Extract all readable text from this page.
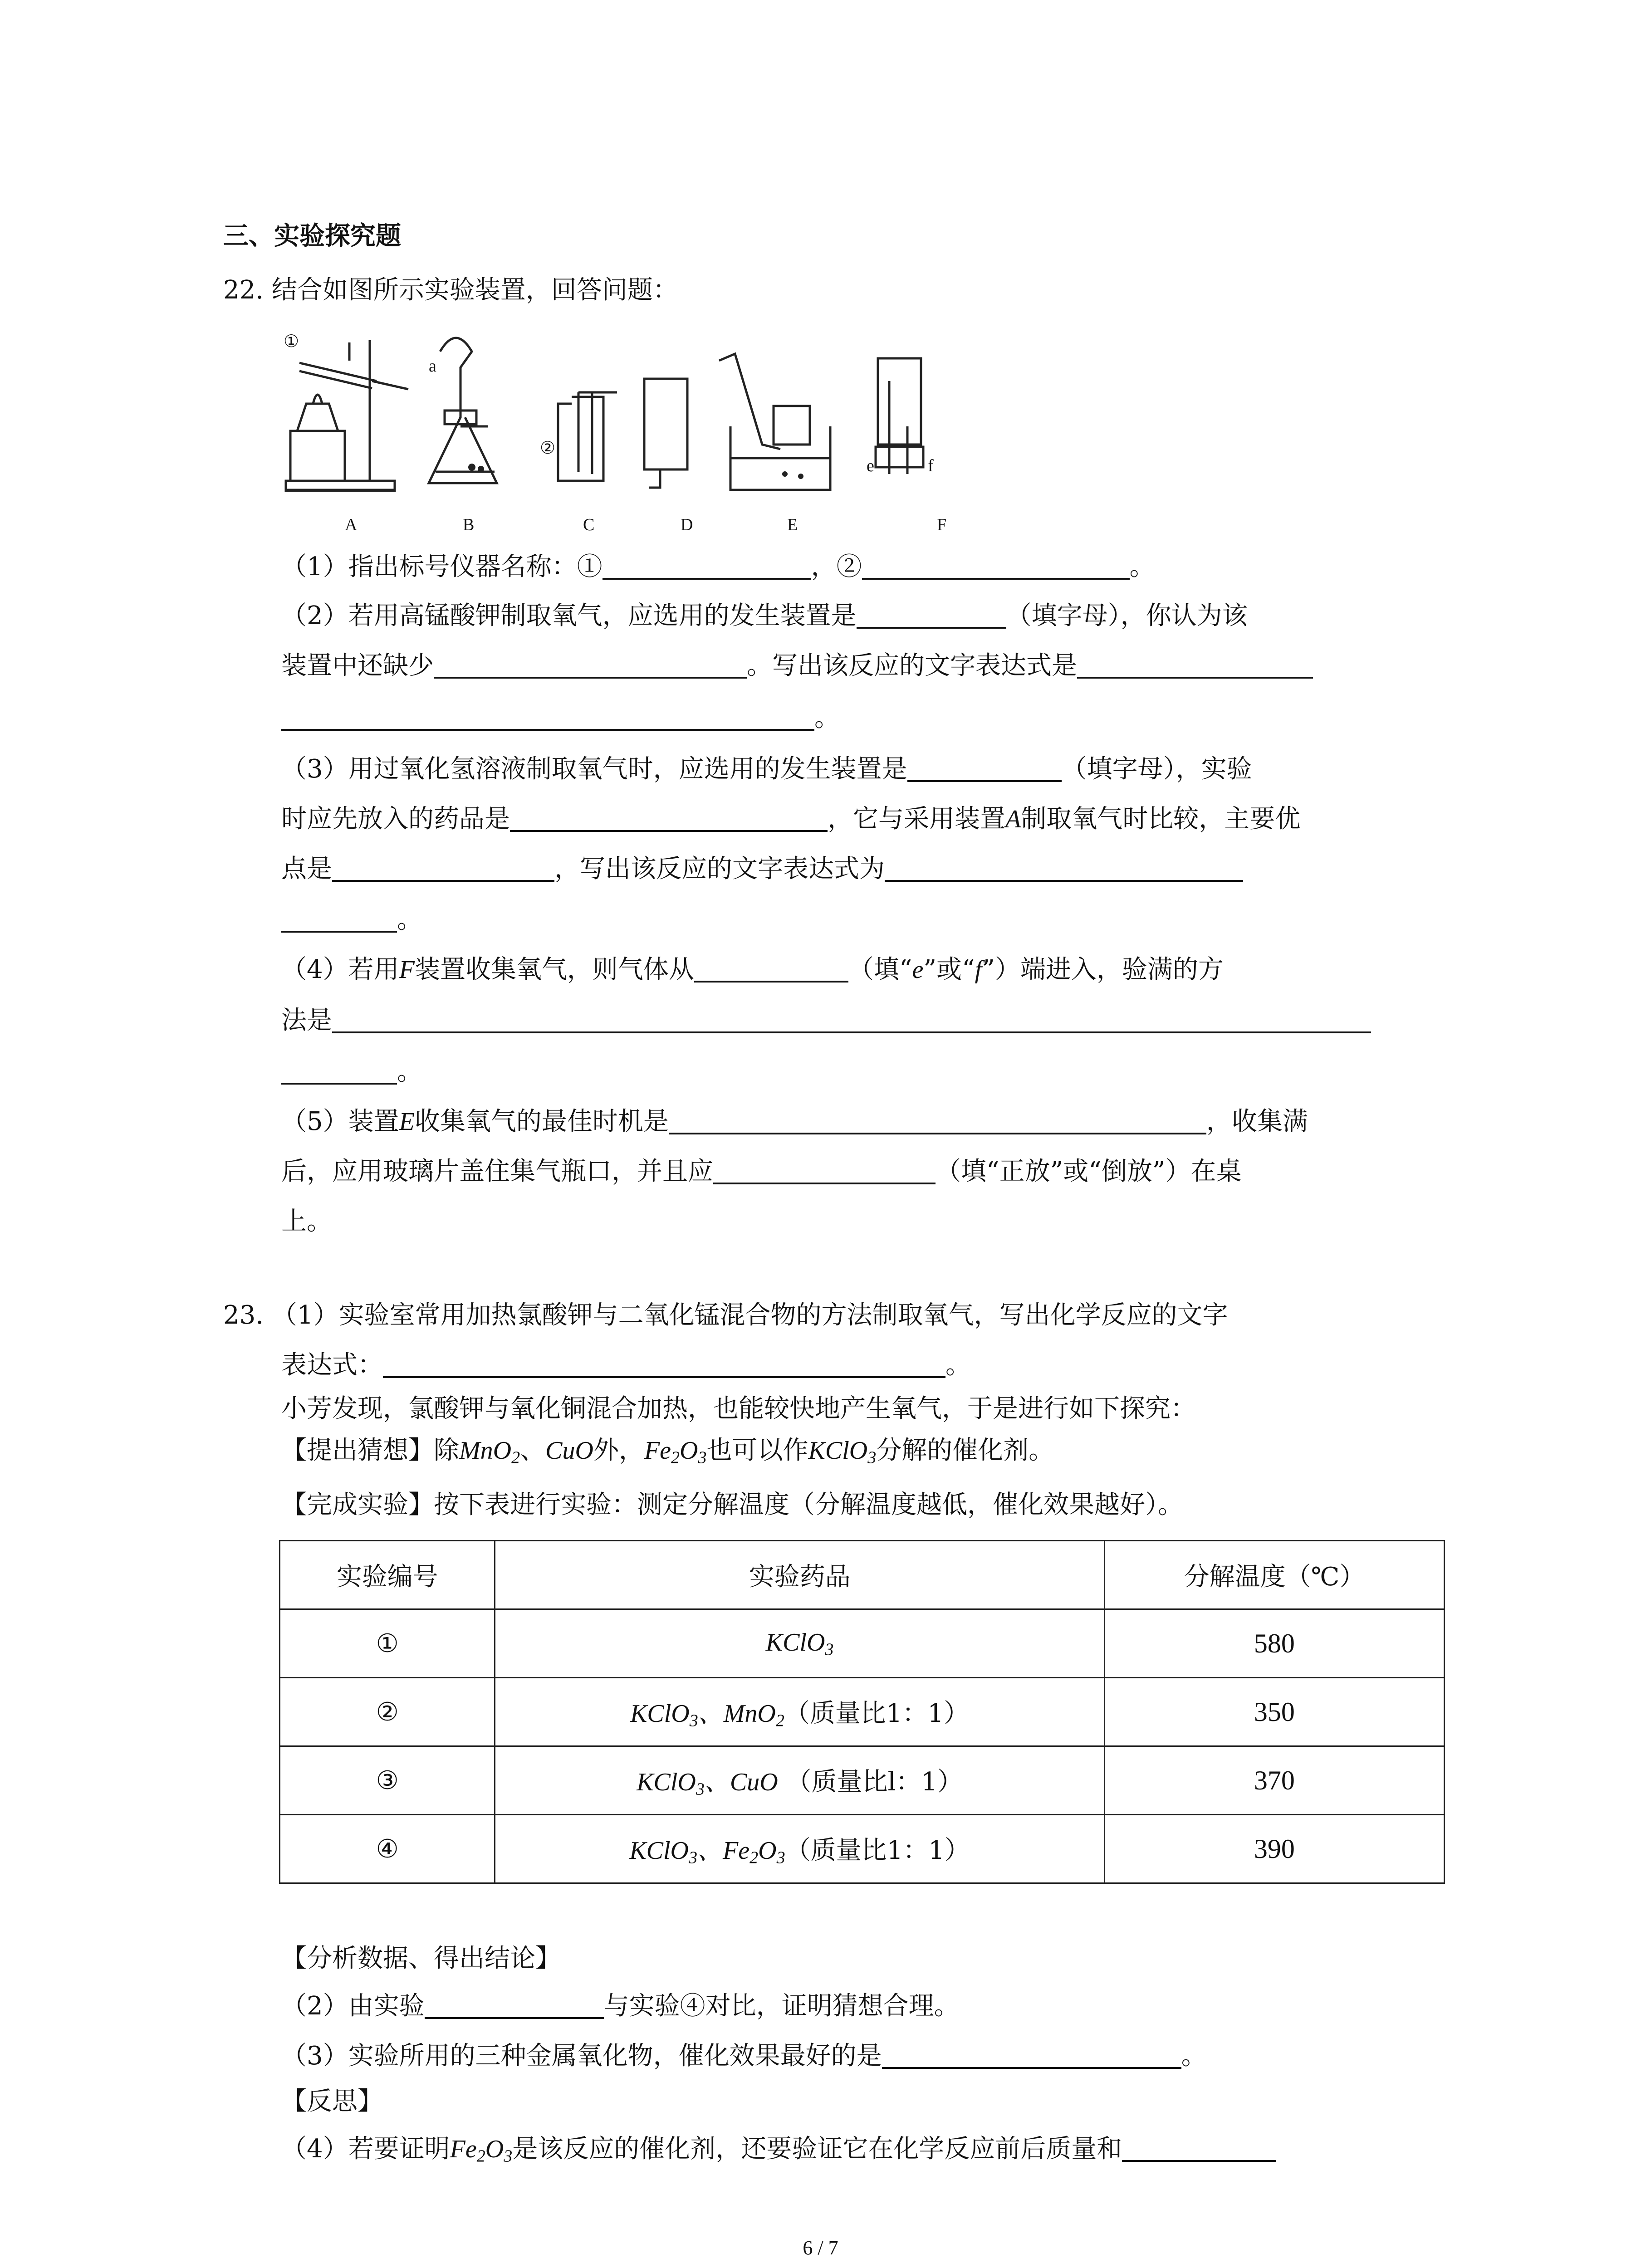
三、实验探究题
22. 结合如图所示实验装置，回答问题：
①
a
②
e	f
A	B	C	D	E	F
（1）指出标号仪器名称：①	，②	。
（2）若用高锰酸钾制取氧气，应选用的发生装置是	（填字母），你认为该
装置中还缺少	。写出该反应的文字表达式是
。
（3）用过氧化氢溶液制取氧气时，应选用的发生装置是	（填字母），实验
时应先放入的药品是	，它与采用装置A制取氧气时比较，主要优
点是	，写出该反应的文字表达式为
。
（4）若用F装置收集氧气，则气体从	（填“e”或“f”）端进入，验满的方
法是
。
（5）装置E收集氧气的最佳时机是	，收集满
后，应用玻璃片盖住集气瓶口，并且应	（填“正放”或“倒放”）在桌
上。
23. （1）实验室常用加热氯酸钾与二氧化锰混合物的方法制取氧气，写出化学反应的文字
表达式：	。
小芳发现，氯酸钾与氧化铜混合加热，也能较快地产生氧气，于是进行如下探究：
【提出猜想】除MnO$_2$、CuO外，$Fe_2O_3$也可以作KClO$_3$分解的催化剂。
【完成实验】按下表进行实验：测定分解温度（分解温度越低，催化效果越好）。
实验编号	实验药品	分解温度（℃）
①	KClO$_3$	580
②	KClO$_3$、MnO$_2$（质量比1：1）	350
③	KClO$_3$、CuO （质量比l：1）	370
④	KClO$_3$、$Fe_2O_3$（质量比1：1）	390
【分析数据、得出结论】
（2）由实验	与实验④对比，证明猜想合理。
（3）实验所用的三种金属氧化物，催化效果最好的是	。
【反思】
（4）若要证明$Fe_2O_3$是该反应的催化剂，还要验证它在化学反应前后质量和
6 / 7
